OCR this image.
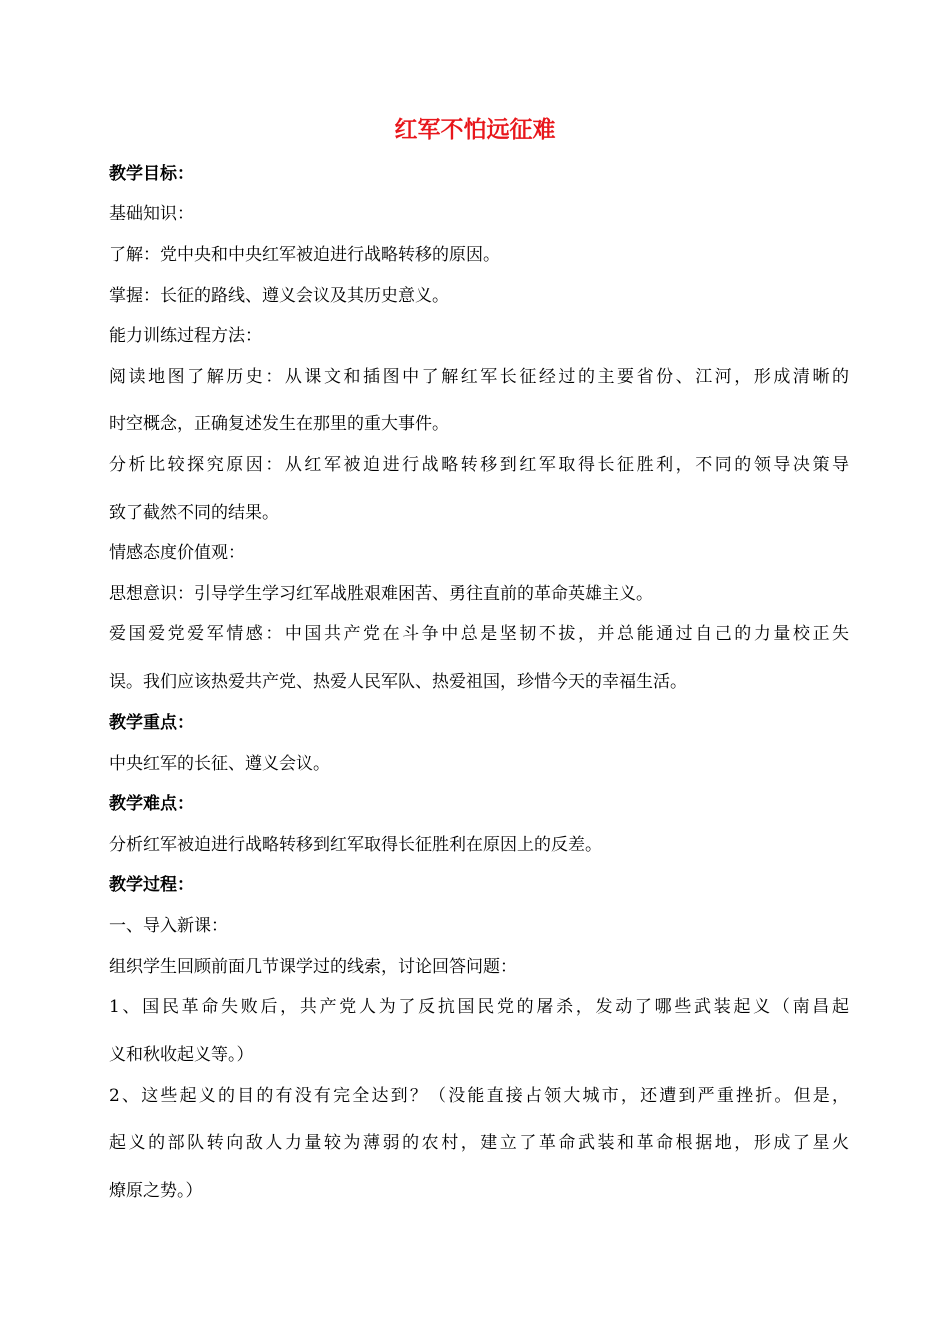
红军不怕远征难
教学目标：
基础知识：
了解：党中央和中央红军被迫进行战略转移的原因。
掌握：长征的路线、遵义会议及其历史意义。
能力训练过程方法：
阅读地图了解历史：从课文和插图中了解红军长征经过的主要省份、江河，形成清晰的
时空概念，正确复述发生在那里的重大事件。
分析比较探究原因：从红军被迫进行战略转移到红军取得长征胜利，不同的领导决策导
致了截然不同的结果。
情感态度价值观：
思想意识：引导学生学习红军战胜艰难困苦、勇往直前的革命英雄主义。
爱国爱党爱军情感：中国共产党在斗争中总是坚韧不拔，并总能通过自己的力量校正失
误。我们应该热爱共产党、热爱人民军队、热爱祖国，珍惜今天的幸福生活。
教学重点：
中央红军的长征、遵义会议。
教学难点：
分析红军被迫进行战略转移到红军取得长征胜利在原因上的反差。
教学过程：
一、导入新课：
组织学生回顾前面几节课学过的线索，讨论回答问题：
1、国民革命失败后，共产党人为了反抗国民党的屠杀，发动了哪些武装起义（南昌起
义和秋收起义等。）
2、这些起义的目的有没有完全达到？（没能直接占领大城市，还遭到严重挫折。但是，
起义的部队转向敌人力量较为薄弱的农村，建立了革命武装和革命根据地，形成了星火
燎原之势。）
